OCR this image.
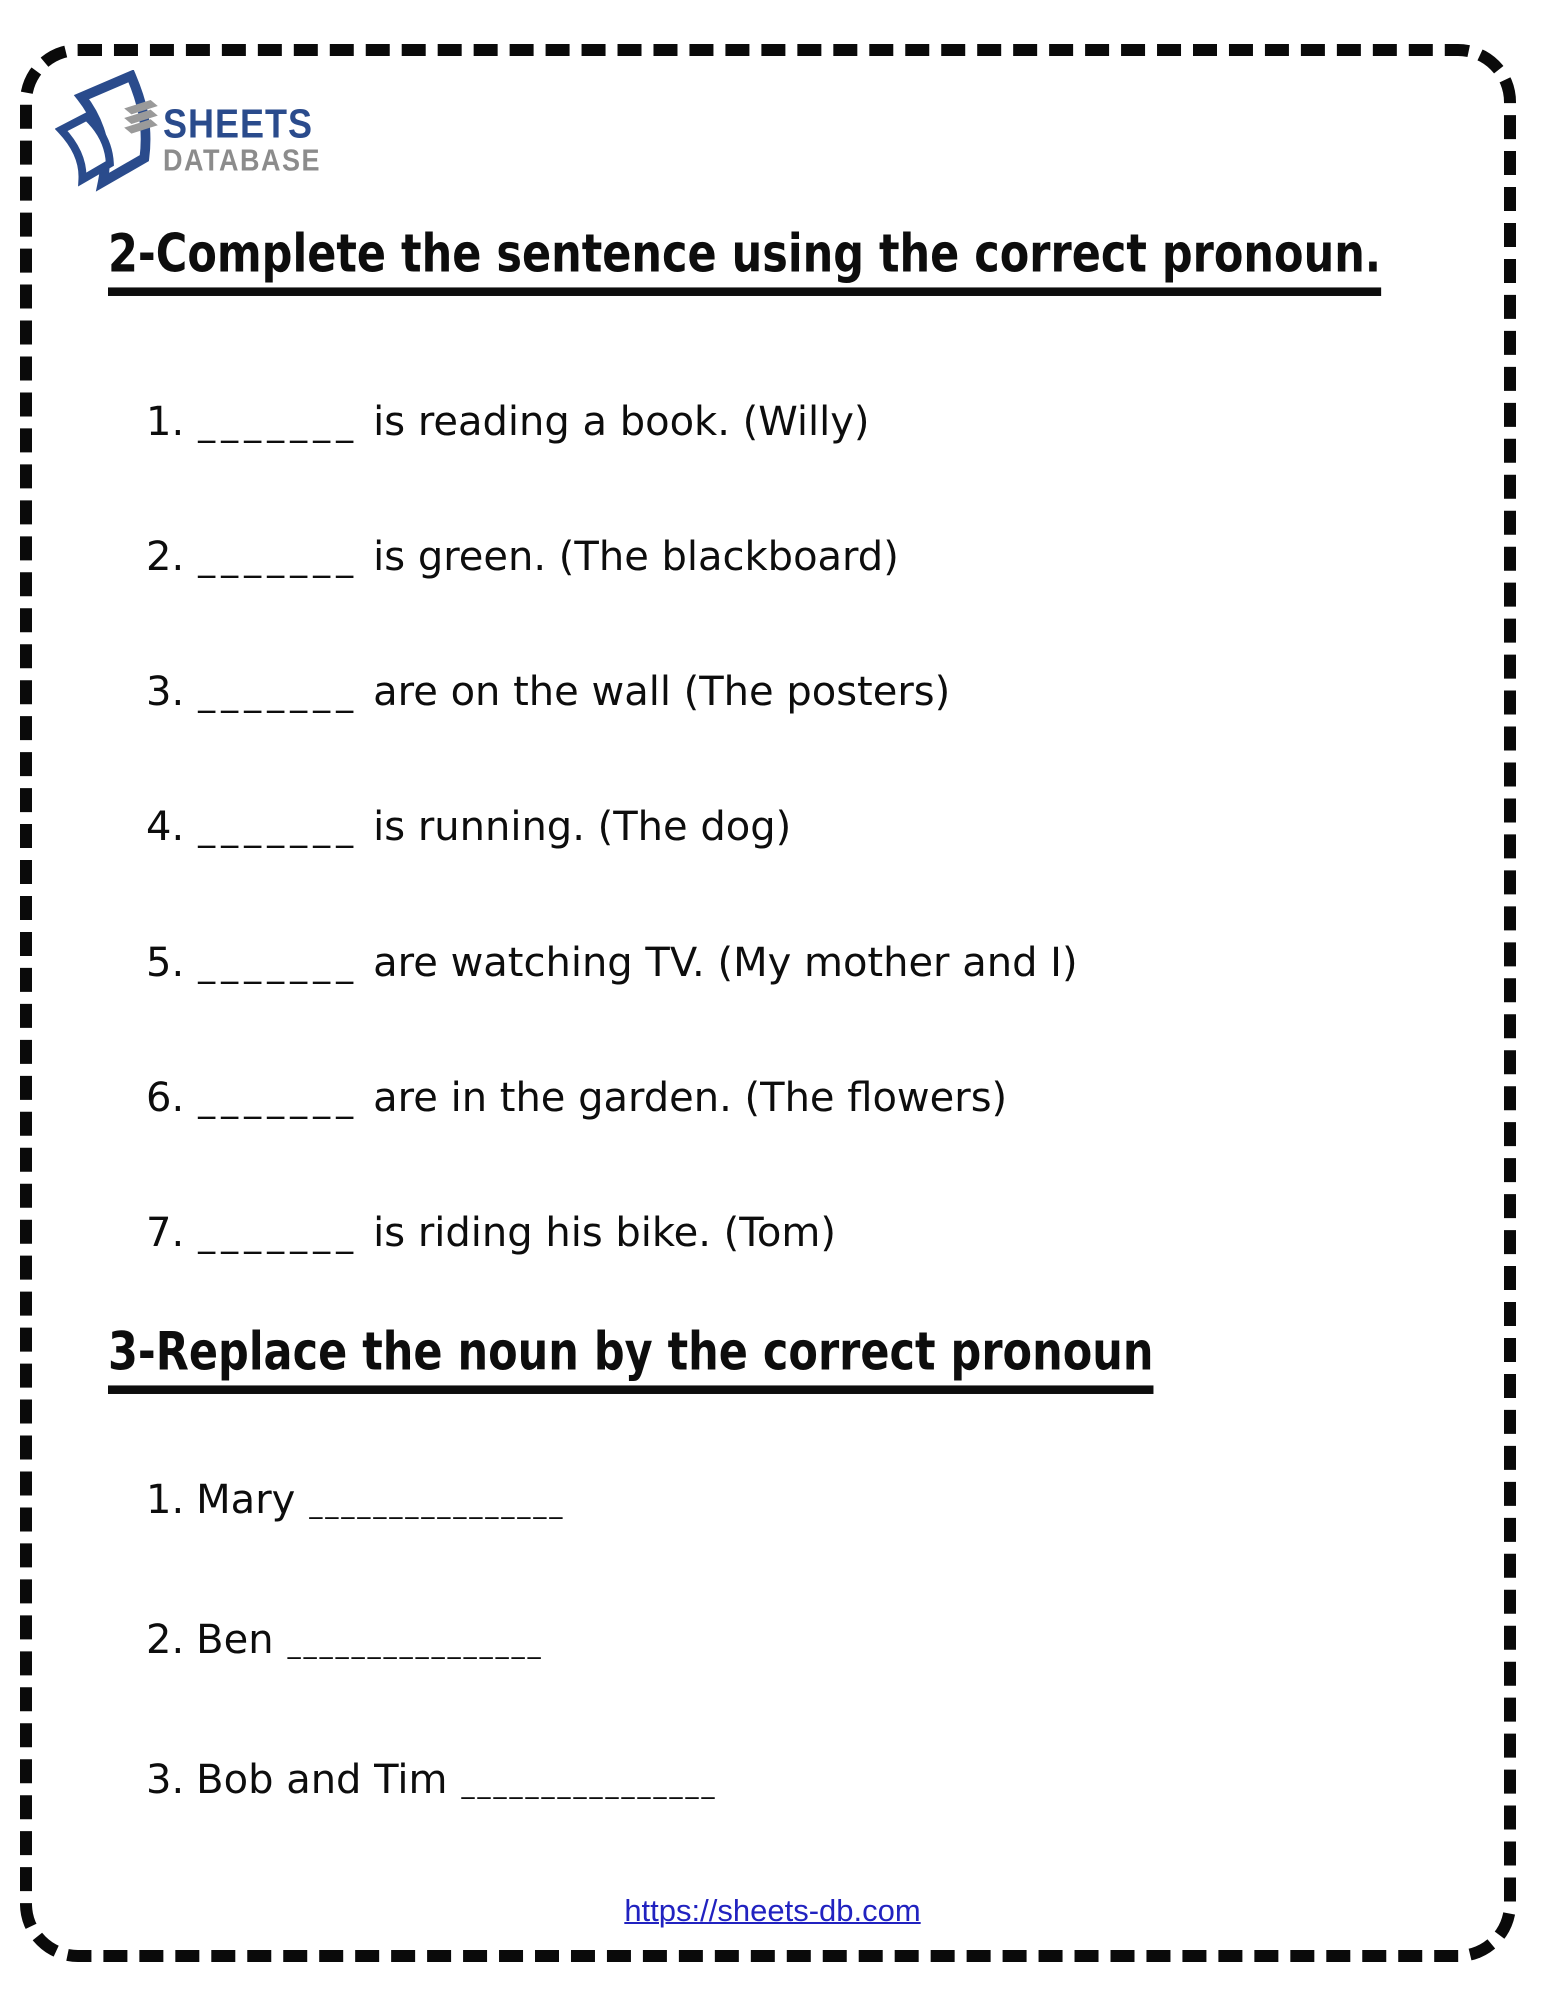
SHEETS
DATABASE
2-Complete the sentence using the correct pronoun.
1. _______ is reading a book. (Willy)
2. _______ is green. (The blackboard)
3. _______ are on the wall (The posters)
4. _______ is running. (The dog)
5. _______ are watching TV. (My mother and I)
6. _______ are in the garden. (The flowers)
7. _______ is riding his bike. (Tom)
3-Replace the noun by the correct pronoun
1. Mary ________________
2. Ben ________________
3. Bob and Tim ________________
https://sheets-db.com
